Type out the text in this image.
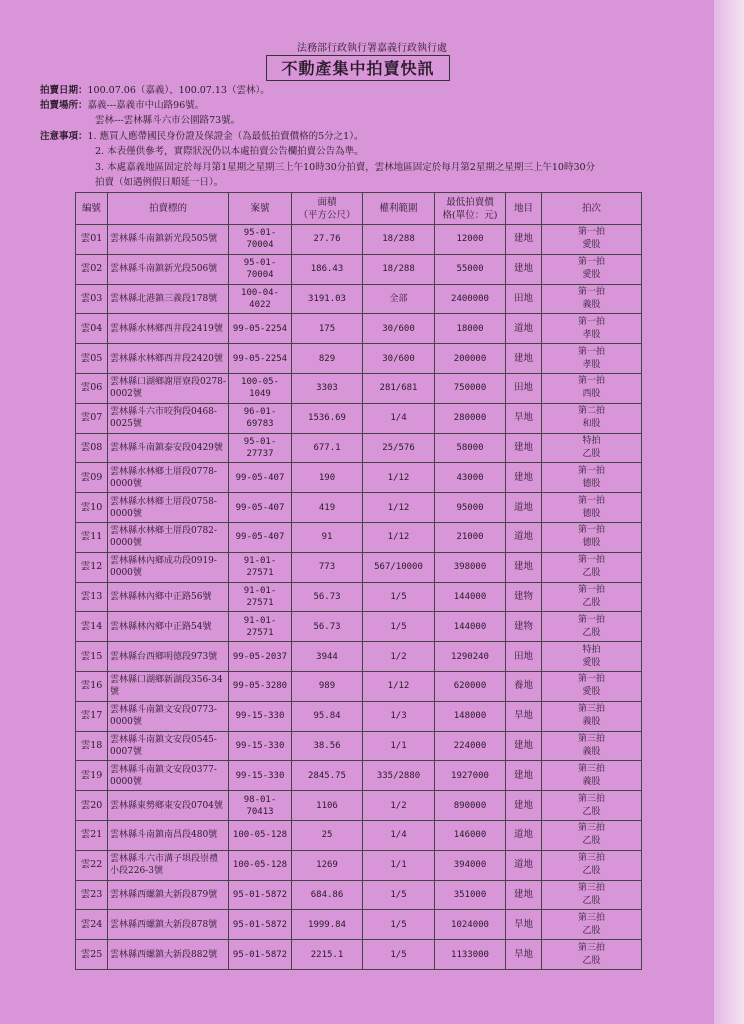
法務部行政執行署嘉義行政執行處
不動產集中拍賣快訊
拍賣日期：100.07.06（嘉義）、100.07.13（雲林）。
拍賣場所：嘉義---嘉義市中山路96號。
雲林---雲林縣斗六市公園路73號。
注意事項：1. 應買人應帶國民身份證及保證金（為最低拍賣價格的5分之1）。
2. 本表僅供參考，實際狀況仍以本處拍賣公告欄拍賣公告為準。
3. 本處嘉義地區固定於每月第1星期之星期三上午10時30分拍賣，雲林地區固定於每月第2星期之星期三上午10時30分
拍賣（如遇例假日順延一日）。
編號	拍賣標的	案號	面積
（平方公尺）	權利範圍	最低拍賣價
格(單位：元)	地目	拍次
雲01	雲林縣斗南鎮新光段505號	95-01-70004	27.76	18/288	12000	建地	第一拍
愛股
雲02	雲林縣斗南鎮新光段506號	95-01-70004	186.43	18/288	55000	建地	第一拍
愛股
雲03	雲林縣北港鎮三義段178號	100-04-4022	3191.03	全部	2400000	田地	第一拍
義股
雲04	雲林縣水林鄉西井段2419號	99-05-2254	175	30/600	18000	道地	第一拍
孝股
雲05	雲林縣水林鄉西井段2420號	99-05-2254	829	30/600	200000	建地	第一拍
孝股
雲06	雲林縣口湖鄉謝厝寮段0278-0002號	100-05-1049	3303	281/681	750000	田地	第一拍
西股
雲07	雲林縣斗六市咬狗段0468-0025號	96-01-69783	1536.69	1/4	280000	旱地	第二拍
和股
雲08	雲林縣斗南鎮泰安段0429號	95-01-27737	677.1	25/576	58000	建地	特拍
乙股
雲09	雲林縣水林鄉土厝段0778-0000號	99-05-407	190	1/12	43000	建地	第一拍
德股
雲10	雲林縣水林鄉土厝段0758-0000號	99-05-407	419	1/12	95000	道地	第一拍
德股
雲11	雲林縣水林鄉土厝段0782-0000號	99-05-407	91	1/12	21000	道地	第一拍
德股
雲12	雲林縣林內鄉成功段0919-0000號	91-01-27571	773	567/10000	398000	建地	第一拍
乙股
雲13	雲林縣林內鄉中正路56號	91-01-27571	56.73	1/5	144000	建物	第一拍
乙股
雲14	雲林縣林內鄉中正路54號	91-01-27571	56.73	1/5	144000	建物	第一拍
乙股
雲15	雲林縣台西鄉明德段973號	99-05-2037	3944	1/2	1290240	田地	特拍
愛股
雲16	雲林縣口湖鄉新湖段356-34號	99-05-3280	989	1/12	620000	養地	第一拍
愛股
雲17	雲林縣斗南鎮文安段0773-0000號	99-15-330	95.84	1/3	148000	旱地	第三拍
義股
雲18	雲林縣斗南鎮文安段0545-0007號	99-15-330	38.56	1/1	224000	建地	第三拍
義股
雲19	雲林縣斗南鎮文安段0377-0000號	99-15-330	2845.75	335/2880	1927000	建地	第三拍
義股
雲20	雲林縣東勢鄉東安段0704號	98-01-70413	1106	1/2	890000	建地	第三拍
乙股
雲21	雲林縣斗南鎮南昌段480號	100-05-128	25	1/4	146000	道地	第三拍
乙股
雲22	雲林縣斗六市溝子埧段崇禮小段226-3號	100-05-128	1269	1/1	394000	道地	第三拍
乙股
雲23	雲林縣西螺鎮大新段879號	95-01-5872	684.86	1/5	351000	建地	第三拍
乙股
雲24	雲林縣西螺鎮大新段878號	95-01-5872	1999.84	1/5	1024000	旱地	第三拍
乙股
雲25	雲林縣西螺鎮大新段882號	95-01-5872	2215.1	1/5	1133000	旱地	第三拍
乙股
